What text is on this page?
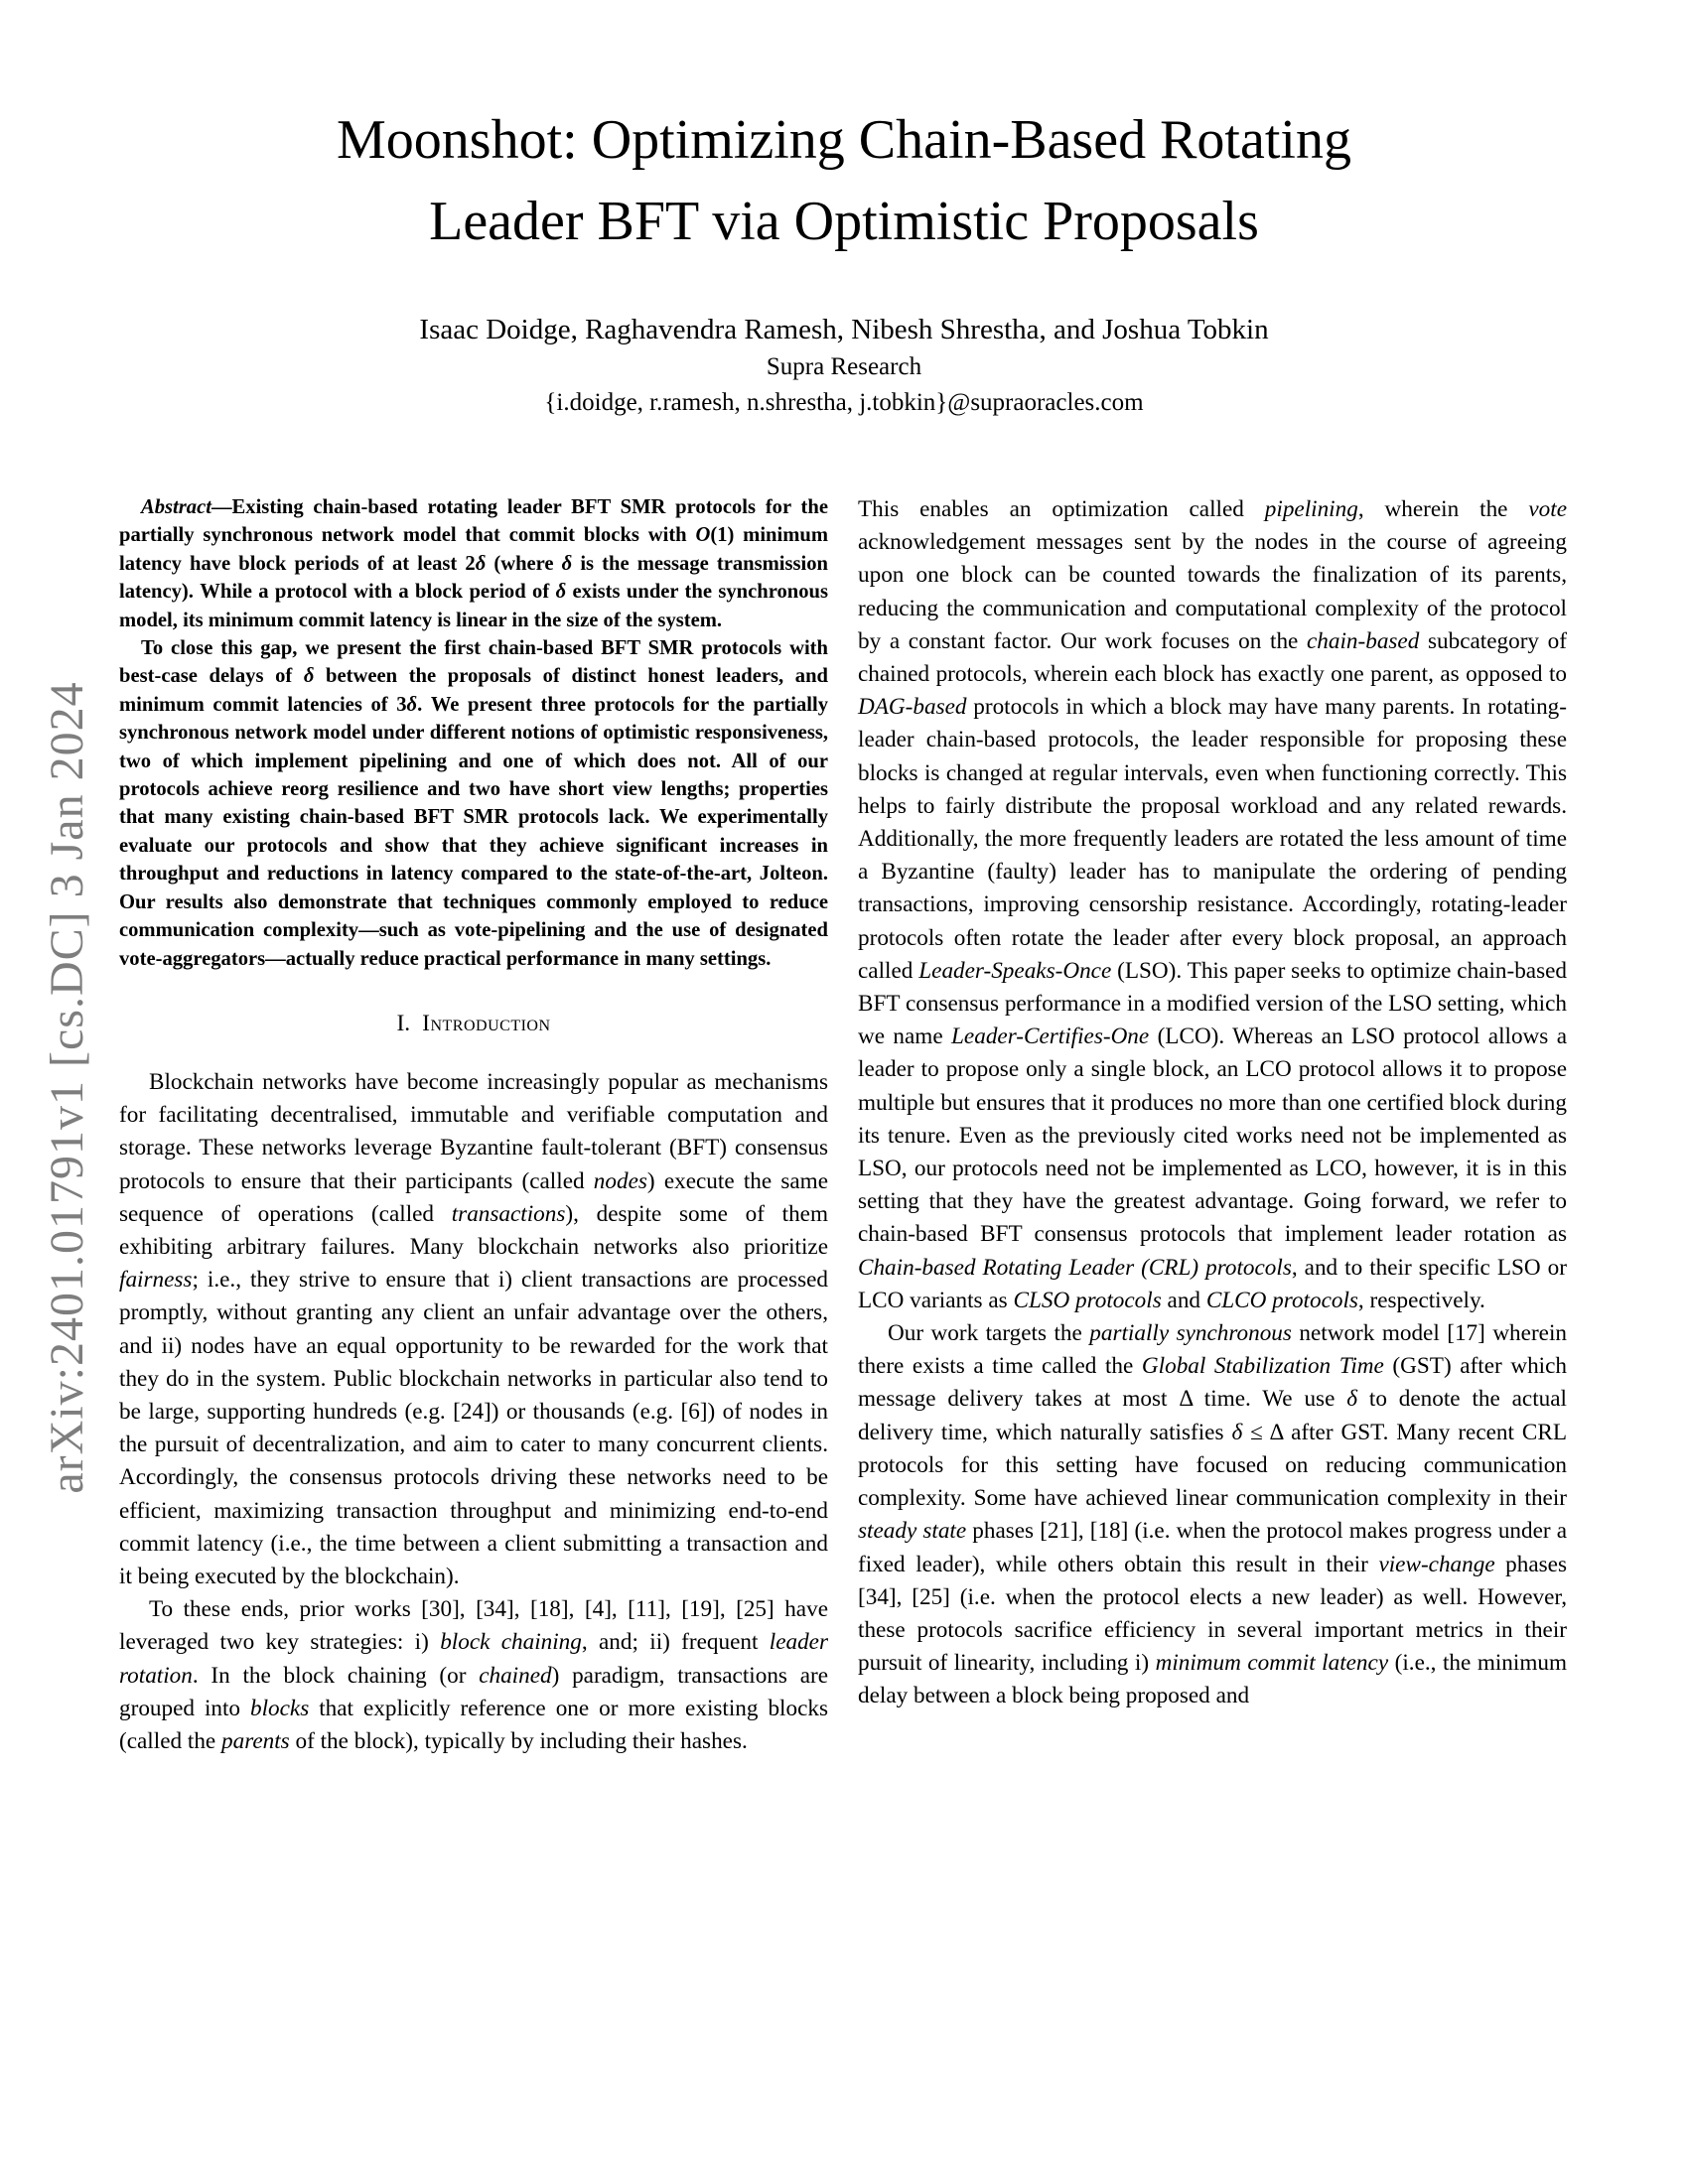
arXiv:2401.01791v1 [cs.DC] 3 Jan 2024
Moonshot: Optimizing Chain-Based Rotating
Leader BFT via Optimistic Proposals
Isaac Doidge, Raghavendra Ramesh, Nibesh Shrestha, and Joshua Tobkin
Supra Research
{i.doidge, r.ramesh, n.shrestha, j.tobkin}@supraoracles.com

Abstract—Existing chain-based rotating leader BFT SMR protocols for the partially synchronous network model that commit blocks with O(1) minimum latency have block periods of at least 2δ (where δ is the message transmission latency). While a protocol with a block period of δ exists under the synchronous model, its minimum commit latency is linear in the size of the system.

To close this gap, we present the first chain-based BFT SMR protocols with best-case delays of δ between the proposals of distinct honest leaders, and minimum commit latencies of 3δ. We present three protocols for the partially synchronous network model under different notions of optimistic responsiveness, two of which implement pipelining and one of which does not. All of our protocols achieve reorg resilience and two have short view lengths; properties that many existing chain-based BFT SMR protocols lack. We experimentally evaluate our protocols and show that they achieve significant increases in throughput and reductions in latency compared to the state-of-the-art, Jolteon. Our results also demonstrate that techniques commonly employed to reduce communication complexity—such as vote-pipelining and the use of designated vote-aggregators—actually reduce practical performance in many settings.

I. Introduction

Blockchain networks have become increasingly popular as mechanisms for facilitating decentralised, immutable and verifiable computation and storage. These networks leverage Byzantine fault-tolerant (BFT) consensus protocols to ensure that their participants (called nodes) execute the same sequence of operations (called transactions), despite some of them exhibiting arbitrary failures. Many blockchain networks also prioritize fairness; i.e., they strive to ensure that i) client transactions are processed promptly, without granting any client an unfair advantage over the others, and ii) nodes have an equal opportunity to be rewarded for the work that they do in the system. Public blockchain networks in particular also tend to be large, supporting hundreds (e.g. [24]) or thousands (e.g. [6]) of nodes in the pursuit of decentralization, and aim to cater to many concurrent clients. Accordingly, the consensus protocols driving these networks need to be efficient, maximizing transaction throughput and minimizing end-to-end commit latency (i.e., the time between a client submitting a transaction and it being executed by the blockchain).

To these ends, prior works [30], [34], [18], [4], [11], [19], [25] have leveraged two key strategies: i) block chaining, and; ii) frequent leader rotation. In the block chaining (or chained) paradigm, transactions are grouped into blocks that explicitly reference one or more existing blocks (called the parents of the block), typically by including their hashes.

This enables an optimization called pipelining, wherein the vote acknowledgement messages sent by the nodes in the course of agreeing upon one block can be counted towards the finalization of its parents, reducing the communication and computational complexity of the protocol by a constant factor. Our work focuses on the chain-based subcategory of chained protocols, wherein each block has exactly one parent, as opposed to DAG-based protocols in which a block may have many parents. In rotating-leader chain-based protocols, the leader responsible for proposing these blocks is changed at regular intervals, even when functioning correctly. This helps to fairly distribute the proposal workload and any related rewards. Additionally, the more frequently leaders are rotated the less amount of time a Byzantine (faulty) leader has to manipulate the ordering of pending transactions, improving censorship resistance. Accordingly, rotating-leader protocols often rotate the leader after every block proposal, an approach called Leader-Speaks-Once (LSO). This paper seeks to optimize chain-based BFT consensus performance in a modified version of the LSO setting, which we name Leader-Certifies-One (LCO). Whereas an LSO protocol allows a leader to propose only a single block, an LCO protocol allows it to propose multiple but ensures that it produces no more than one certified block during its tenure. Even as the previously cited works need not be implemented as LSO, our protocols need not be implemented as LCO, however, it is in this setting that they have the greatest advantage. Going forward, we refer to chain-based BFT consensus protocols that implement leader rotation as Chain-based Rotating Leader (CRL) protocols, and to their specific LSO or LCO variants as CLSO protocols and CLCO protocols, respectively.

Our work targets the partially synchronous network model [17] wherein there exists a time called the Global Stabilization Time (GST) after which message delivery takes at most Δ time. We use δ to denote the actual delivery time, which naturally satisfies δ ≤ Δ after GST. Many recent CRL protocols for this setting have focused on reducing communication complexity. Some have achieved linear communication complexity in their steady state phases [21], [18] (i.e. when the protocol makes progress under a fixed leader), while others obtain this result in their view-change phases [34], [25] (i.e. when the protocol elects a new leader) as well. However, these protocols sacrifice efficiency in several important metrics in their pursuit of linearity, including i) minimum commit latency (i.e., the minimum delay between a block being proposed and
